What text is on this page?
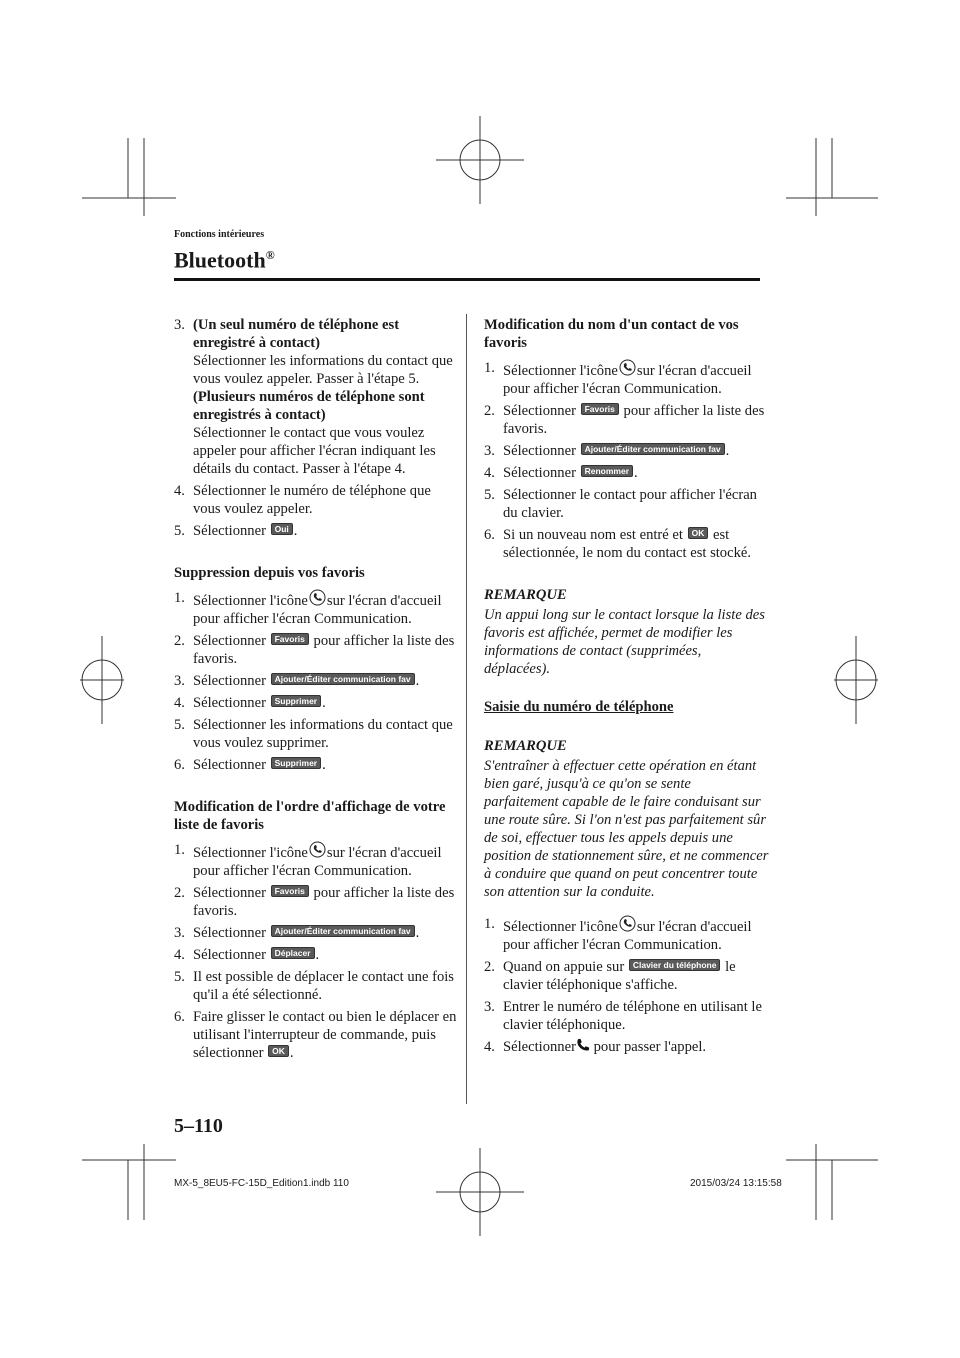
Fonctions intérieures
Bluetooth®
3. (Un seul numéro de téléphone est enregistré à contact)
Sélectionner les informations du contact que vous voulez appeler. Passer à l'étape 5.
(Plusieurs numéros de téléphone sont enregistrés à contact)
Sélectionner le contact que vous voulez appeler pour afficher l'écran indiquant les détails du contact. Passer à l'étape 4.
4. Sélectionner le numéro de téléphone que vous voulez appeler.
5. Sélectionner Oui .
Suppression depuis vos favoris
1. Sélectionner l'icône sur l'écran d'accueil pour afficher l'écran Communication.
2. Sélectionner Favoris pour afficher la liste des favoris.
3. Sélectionner Ajouter/Éditer communication fav .
4. Sélectionner Supprimer .
5. Sélectionner les informations du contact que vous voulez supprimer.
6. Sélectionner Supprimer .
Modification de l'ordre d'affichage de votre liste de favoris
1. Sélectionner l'icône sur l'écran d'accueil pour afficher l'écran Communication.
2. Sélectionner Favoris pour afficher la liste des favoris.
3. Sélectionner Ajouter/Éditer communication fav .
4. Sélectionner Déplacer .
5. Il est possible de déplacer le contact une fois qu'il a été sélectionné.
6. Faire glisser le contact ou bien le déplacer en utilisant l'interrupteur de commande, puis sélectionner OK .
Modification du nom d'un contact de vos favoris
1. Sélectionner l'icône sur l'écran d'accueil pour afficher l'écran Communication.
2. Sélectionner Favoris pour afficher la liste des favoris.
3. Sélectionner Ajouter/Éditer communication fav .
4. Sélectionner Renommer .
5. Sélectionner le contact pour afficher l'écran du clavier.
6. Si un nouveau nom est entré et OK est sélectionnée, le nom du contact est stocké.
REMARQUE

Un appui long sur le contact lorsque la liste des favoris est affichée, permet de modifier les informations de contact (supprimées, déplacées).

Saisie du numéro de téléphone
REMARQUE

S'entraîner à effectuer cette opération en étant bien garé, jusqu'à ce qu'on se sente parfaitement capable de le faire conduisant sur une route sûre. Si l'on n'est pas parfaitement sûr de soi, effectuer tous les appels depuis une position de stationnement sûre, et ne commencer à conduire que quand on peut concentrer toute son attention sur la conduite.

1. Sélectionner l'icône sur l'écran d'accueil pour afficher l'écran Communication.
2. Quand on appuie sur Clavier du téléphone le clavier téléphonique s'affiche.
3. Entrer le numéro de téléphone en utilisant le clavier téléphonique.
4. Sélectionner pour passer l'appel.
5–110
MX-5_8EU5-FC-15D_Edition1.indb 110	2015/03/24 13:15:58
